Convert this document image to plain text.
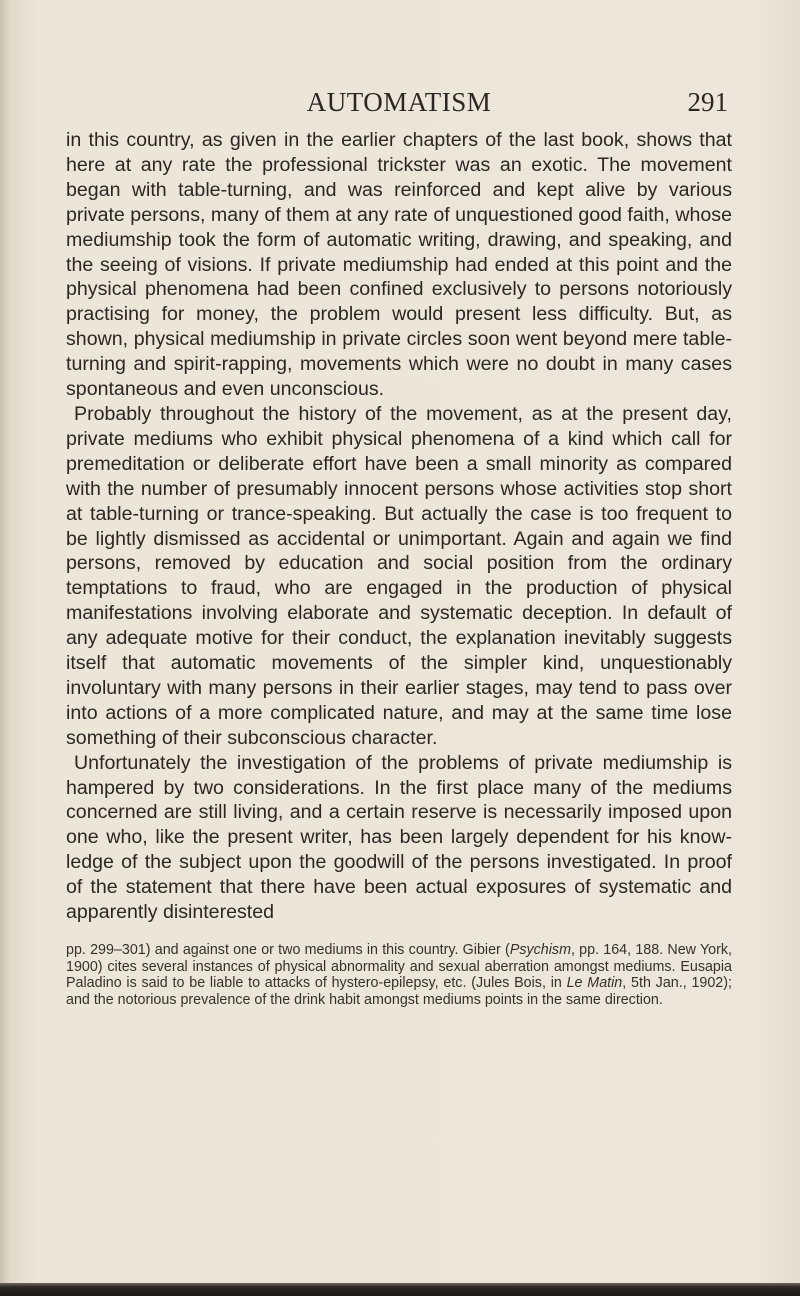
AUTOMATISM	291

in this country, as given in the earlier chapters of the last book, shows that here at any rate the professional trickster was an exotic. The movement began with table-turning, and was reinforced and kept alive by various private persons, many of them at any rate of unquestioned good faith, whose mediumship took the form of automatic writing, drawing, and speaking, and the seeing of visions. If private mediumship had ended at this point and the physical phenomena had been confined exclusively to persons notoriously practising for money, the problem would present less difficulty. But, as shown, physical mediumship in private circles soon went beyond mere table-turning and spirit-rapping, movements which were no doubt in many cases spontaneous and even unconscious.

Probably throughout the history of the movement, as at the present day, private mediums who exhibit physical phenomena of a kind which call for premeditation or deliberate effort have been a small minority as compared with the number of presumably innocent persons whose activities stop short at table-turning or trance-speaking. But actually the case is too frequent to be lightly dismissed as accidental or unimportant. Again and again we find persons, removed by education and social position from the ordinary temptations to fraud, who are engaged in the production of physical manifestations involving elaborate and systematic deception. In default of any adequate motive for their conduct, the explanation inevitably suggests itself that automatic movements of the simpler kind, unquestionably involuntary with many persons in their earlier stages, may tend to pass over into actions of a more complicated nature, and may at the same time lose something of their subconscious character.

Unfortunately the investigation of the problems of private mediumship is hampered by two considerations. In the first place many of the mediums concerned are still living, and a certain reserve is necessarily imposed upon one who, like the present writer, has been largely dependent for his knowledge of the subject upon the goodwill of the persons investigated. In proof of the statement that there have been actual exposures of systematic and apparently disinterested

pp. 299–301) and against one or two mediums in this country. Gibier (Psychism, pp. 164, 188. New York, 1900) cites several instances of physical abnormality and sexual aberration amongst mediums. Eusapia Paladino is said to be liable to attacks of hystero-epilepsy, etc. (Jules Bois, in Le Matin, 5th Jan., 1902); and the notorious prevalence of the drink habit amongst mediums points in the same direction.
